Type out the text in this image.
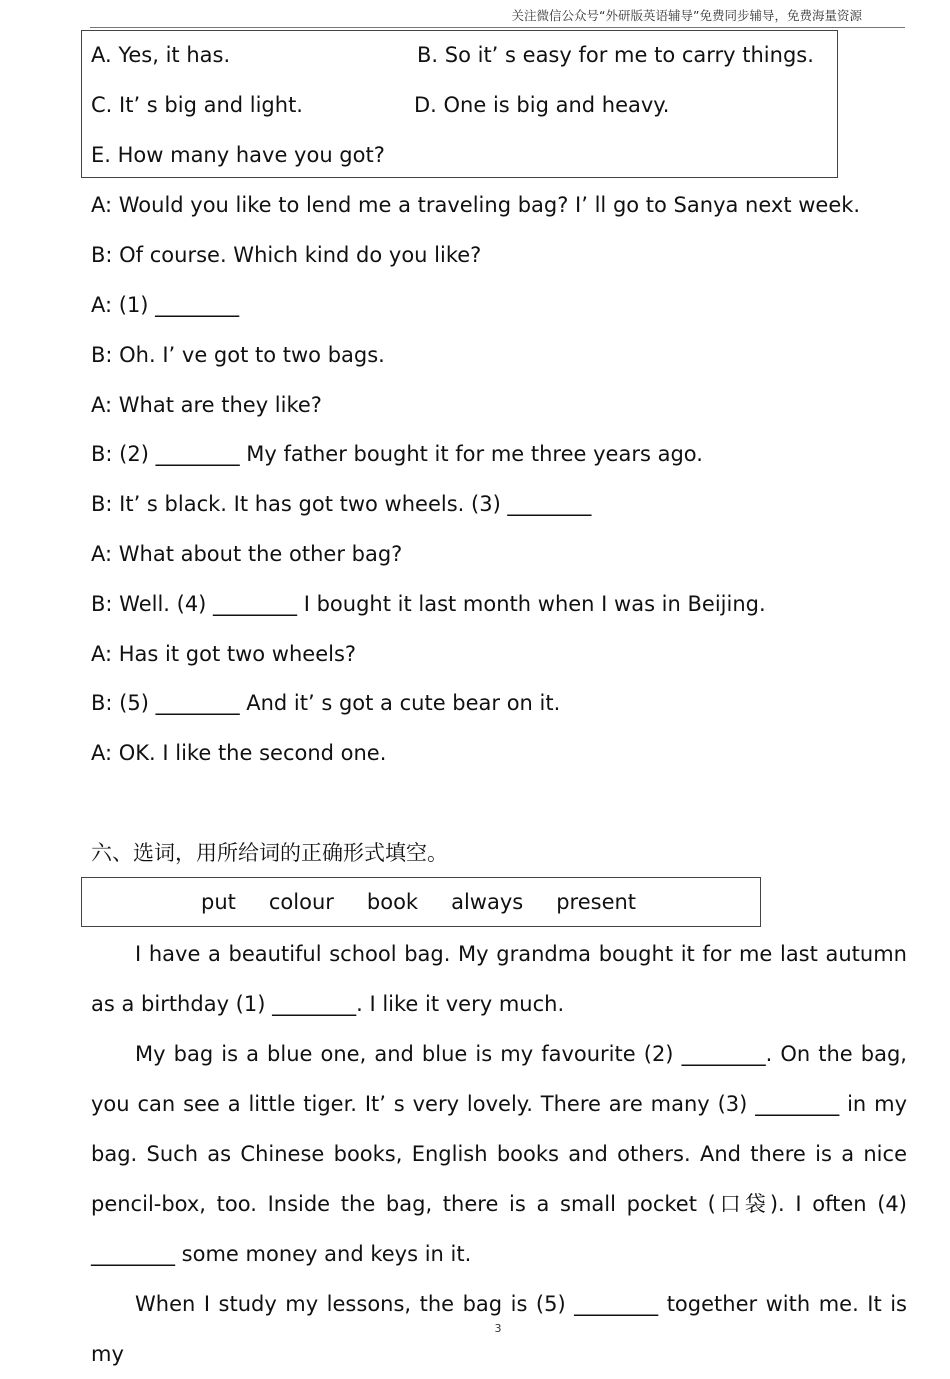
关注微信公众号“外研版英语辅导”免费同步辅导，免费海量资源
A. Yes, it has.	B. So it’ s easy for me to carry things.
C. It’ s big and light.	D. One is big and heavy.
E. How many have you got?
A: Would you like to lend me a traveling bag? I’ ll go to Sanya next week.
B: Of course. Which kind do you like?
A: (1) ________
B: Oh. I’ ve got to two bags.
A: What are they like?
B: (2) ________ My father bought it for me three years ago.
B: It’ s black. It has got two wheels. (3) ________
A: What about the other bag?
B: Well. (4) ________ I bought it last month when I was in Beijing.
A: Has it got two wheels?
B: (5) ________ And it’ s got a cute bear on it.
A: OK. I like the second one.
六、选词，用所给词的正确形式填空。
put colour book always present

I have a beautiful school bag. My grandma bought it for me last autumn as a birthday (1) ________. I like it very much.

My bag is a blue one, and blue is my favourite (2) ________. On the bag, you can see a little tiger. It’ s very lovely. There are many (3) ________ in my bag. Such as Chinese books, English books and others. And there is a nice pencil-box, too. Inside the bag, there is a small pocket (口袋). I often (4) ________ some money and keys in it.

When I study my lessons, the bag is (5) ________ together with me. It is my

3
